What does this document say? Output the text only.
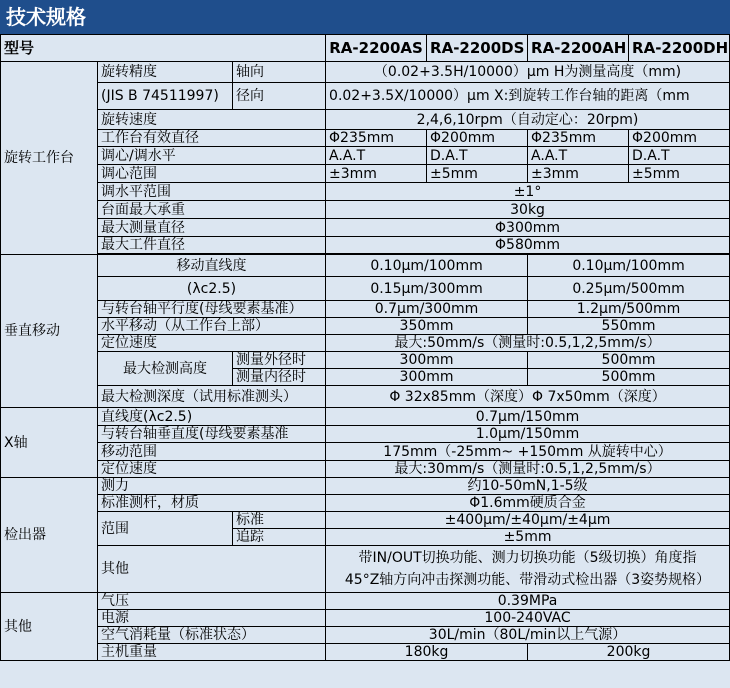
技术规格
型号			RA-2200AS	RA-2200DS	RA-2200AH	RA-2200DH
旋转工作台	旋转精度	轴向	（0.02+3.5H/10000）μm H为测量高度（mm)			
	(JIS B 74511997)	径向	0.02+3.5X/10000）μm X:到旋转工作台轴的距离（mm			
	旋转速度		2,4,6,10rpm（自动定心：20rpm)			
	工作台有效直径		Φ235mm	Φ200mm	Φ235mm	Φ200mm
	调心/调水平		A.A.T	D.A.T	A.A.T	D.A.T
	调心范围		±3mm	±5mm	±3mm	±5mm
	调水平范围		±1°			
	台面最大承重		30kg			
	最大测量直径		Φ300mm			
	最大工件直径		Φ580mm			

垂直移动	移动直线度		0.10μm/100mm		0.10μm/100mm	
	(λc2.5)		0.15μm/300mm		0.25μm/500mm	
	与转台轴平行度(母线要素基准）		0.7μm/300mm		1.2μm/500mm	
	水平移动（从工作台上部）		350mm		550mm	
	定位速度		最大:50mm/s（测量时:0.5,1,2,5mm/s）			
	最大检测高度	测量外径时	300mm		500mm	
		测量内径时	300mm		500mm	
	最大检测深度（试用标准测头）		Φ 32x85mm（深度）Φ 7x50mm（深度）			
X轴	直线度(λc2.5)		0.7μm/150mm			
	与转台轴垂直度(母线要素基准		1.0μm/150mm			
	移动范围		175mm（-25mm~ +150mm 从旋转中心）			
	定位速度		最大:30mm/s（测量时:0.5,1,2,5mm/s）			
检出器	测力		约10-50mN,1-5级			
	标准测杆，材质		Φ1.6mm硬质合金			
	范围	标准	±400μm/±40μm/±4μm			
		追踪	±5mm			
	其他		带IN/OUT切换功能、测力切换功能（5级切换）角度指
45°Z轴方向冲击探测功能、带滑动式检出器（3姿势规格）			

其他	气压		0.39MPa			
	电源		100-240VAC			
	空气消耗量（标准状态）		30L/min（80L/min以上气源）			
	主机重量		180kg		200kg	
